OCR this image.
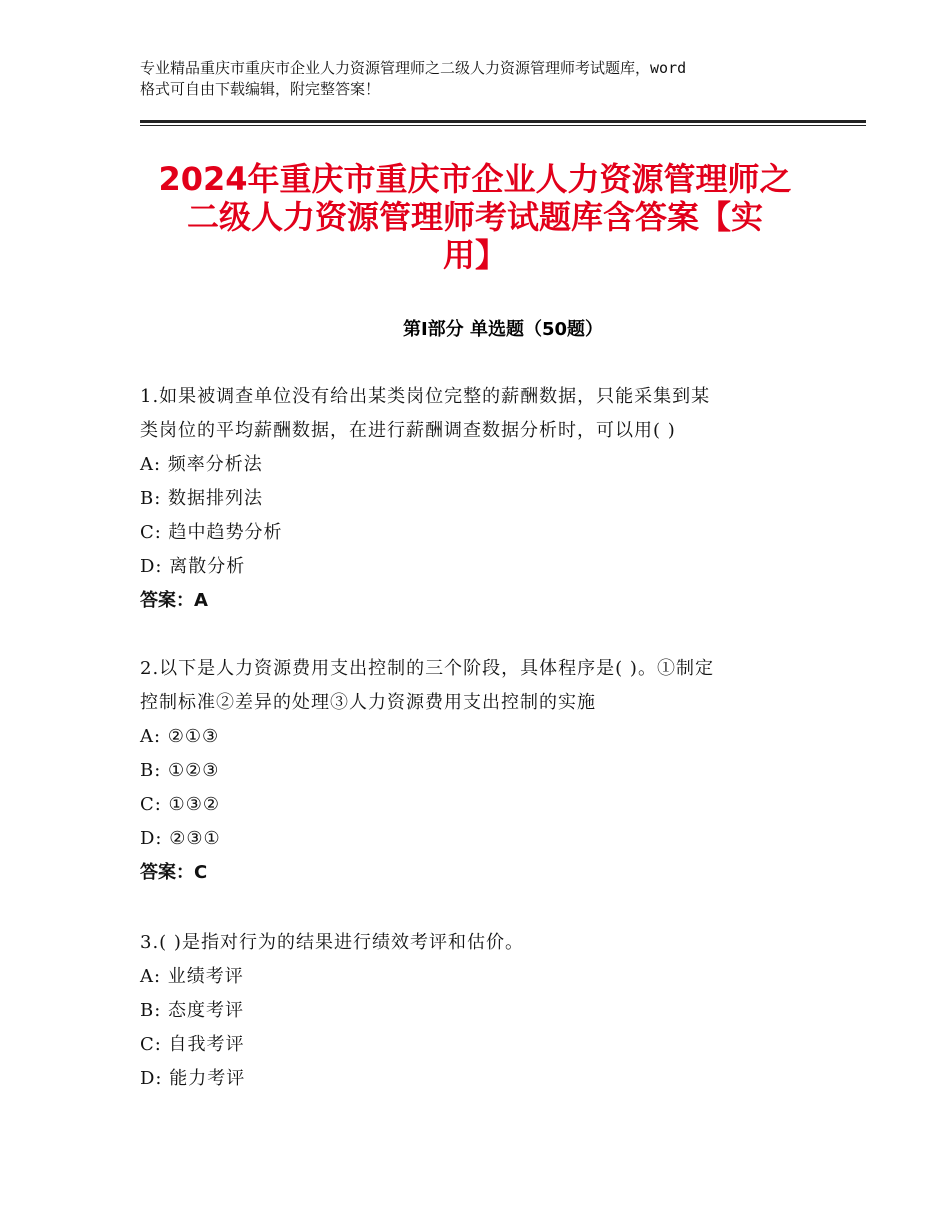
专业精品重庆市重庆市企业人力资源管理师之二级人力资源管理师考试题库，word
格式可自由下载编辑，附完整答案！
2024年重庆市重庆市企业人力资源管理师之
二级人力资源管理师考试题库含答案【实
用】
第Ⅰ部分 单选题（50题）
1.如果被调查单位没有给出某类岗位完整的薪酬数据，只能采集到某
类岗位的平均薪酬数据，在进行薪酬调查数据分析时，可以用( )
A: 频率分析法
B: 数据排列法
C: 趋中趋势分析
D: 离散分析
答案：A
2.以下是人力资源费用支出控制的三个阶段，具体程序是( )。①制定
控制标准②差异的处理③人力资源费用支出控制的实施
A: ②①③
B: ①②③
C: ①③②
D: ②③①
答案：C
3.( )是指对行为的结果进行绩效考评和估价。
A: 业绩考评
B: 态度考评
C: 自我考评
D: 能力考评
